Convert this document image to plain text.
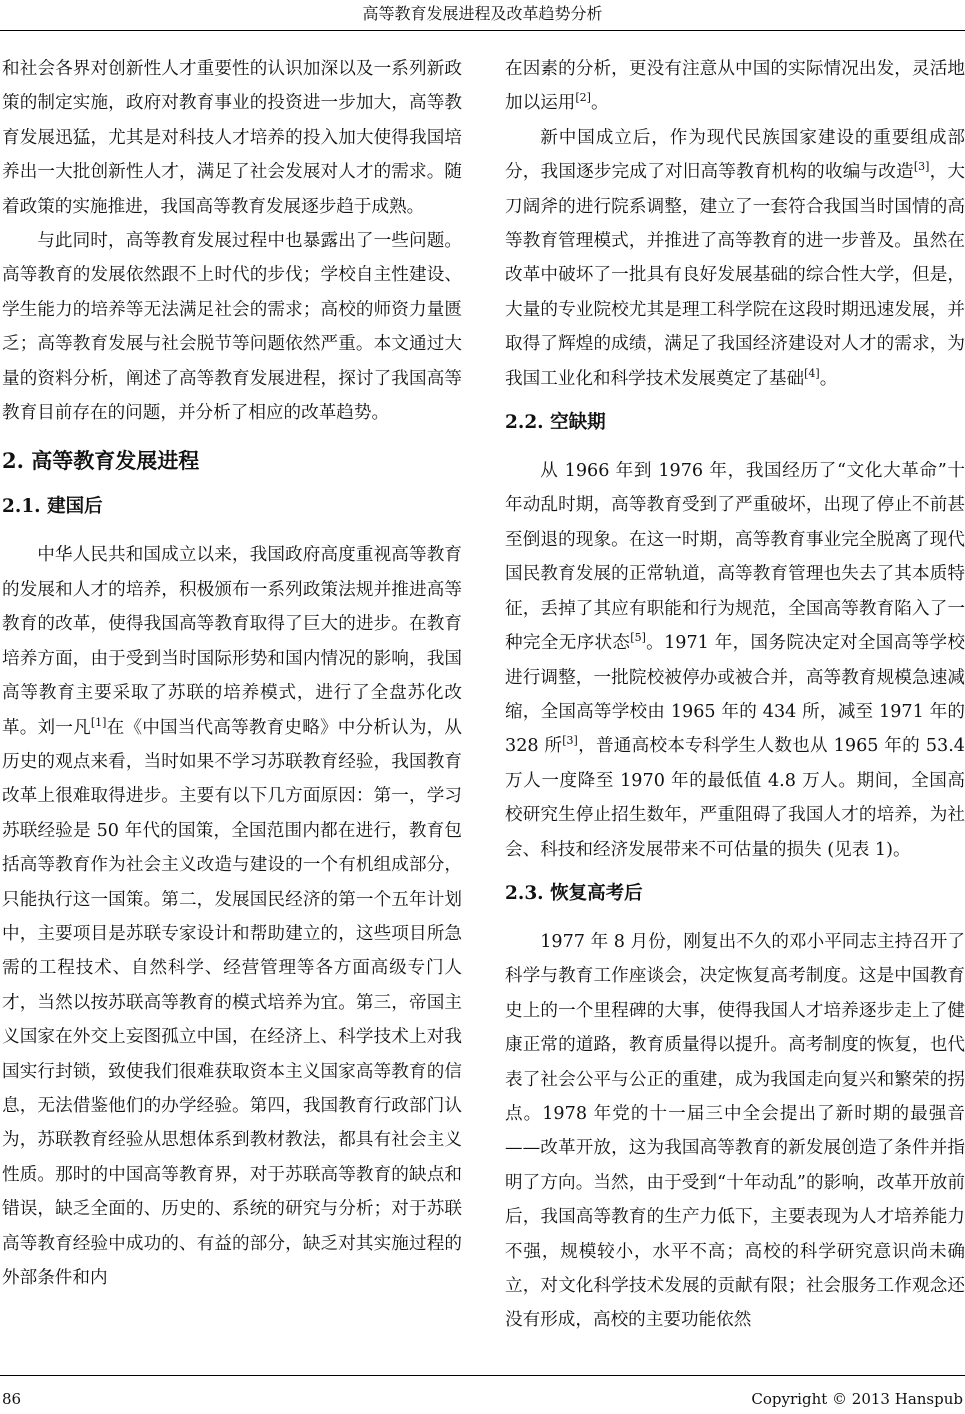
高等教育发展进程及改革趋势分析

和社会各界对创新性人才重要性的认识加深以及一系列新政策的制定实施，政府对教育事业的投资进一步加大，高等教育发展迅猛，尤其是对科技人才培养的投入加大使得我国培养出一大批创新性人才，满足了社会发展对人才的需求。随着政策的实施推进，我国高等教育发展逐步趋于成熟。

与此同时，高等教育发展过程中也暴露出了一些问题。高等教育的发展依然跟不上时代的步伐；学校自主性建设、学生能力的培养等无法满足社会的需求；高校的师资力量匮乏；高等教育发展与社会脱节等问题依然严重。本文通过大量的资料分析，阐述了高等教育发展进程，探讨了我国高等教育目前存在的问题，并分析了相应的改革趋势。

2. 高等教育发展进程
2.1. 建国后

中华人民共和国成立以来，我国政府高度重视高等教育的发展和人才的培养，积极颁布一系列政策法规并推进高等教育的改革，使得我国高等教育取得了巨大的进步。在教育培养方面，由于受到当时国际形势和国内情况的影响，我国高等教育主要采取了苏联的培养模式，进行了全盘苏化改革。刘一凡[1]在《中国当代高等教育史略》中分析认为，从历史的观点来看，当时如果不学习苏联教育经验，我国教育改革上很难取得进步。主要有以下几方面原因：第一，学习苏联经验是 50 年代的国策，全国范围内都在进行，教育包括高等教育作为社会主义改造与建设的一个有机组成部分，只能执行这一国策。第二，发展国民经济的第一个五年计划中，主要项目是苏联专家设计和帮助建立的，这些项目所急需的工程技术、自然科学、经营管理等各方面高级专门人才，当然以按苏联高等教育的模式培养为宜。第三，帝国主义国家在外交上妄图孤立中国，在经济上、科学技术上对我国实行封锁，致使我们很难获取资本主义国家高等教育的信息，无法借鉴他们的办学经验。第四，我国教育行政部门认为，苏联教育经验从思想体系到教材教法，都具有社会主义性质。那时的中国高等教育界，对于苏联高等教育的缺点和错误，缺乏全面的、历史的、系统的研究与分析；对于苏联高等教育经验中成功的、有益的部分，缺乏对其实施过程的外部条件和内

在因素的分析，更没有注意从中国的实际情况出发，灵活地加以运用[2]。

新中国成立后，作为现代民族国家建设的重要组成部分，我国逐步完成了对旧高等教育机构的收编与改造[3]，大刀阔斧的进行院系调整，建立了一套符合我国当时国情的高等教育管理模式，并推进了高等教育的进一步普及。虽然在改革中破坏了一批具有良好发展基础的综合性大学，但是，大量的专业院校尤其是理工科学院在这段时期迅速发展，并取得了辉煌的成绩，满足了我国经济建设对人才的需求，为我国工业化和科学技术发展奠定了基础[4]。

2.2. 空缺期

从 1966 年到 1976 年，我国经历了“文化大革命”十年动乱时期，高等教育受到了严重破坏，出现了停止不前甚至倒退的现象。在这一时期，高等教育事业完全脱离了现代国民教育发展的正常轨道，高等教育管理也失去了其本质特征，丢掉了其应有职能和行为规范，全国高等教育陷入了一种完全无序状态[5]。1971 年，国务院决定对全国高等学校进行调整，一批院校被停办或被合并，高等教育规模急速减缩，全国高等学校由 1965 年的 434 所，减至 1971 年的 328 所[3]，普通高校本专科学生人数也从 1965 年的 53.4 万人一度降至 1970 年的最低值 4.8 万人。期间，全国高校研究生停止招生数年，严重阻碍了我国人才的培养，为社会、科技和经济发展带来不可估量的损失 (见表 1)。

2.3. 恢复高考后

1977 年 8 月份，刚复出不久的邓小平同志主持召开了科学与教育工作座谈会，决定恢复高考制度。这是中国教育史上的一个里程碑的大事，使得我国人才培养逐步走上了健康正常的道路，教育质量得以提升。高考制度的恢复，也代表了社会公平与公正的重建，成为我国走向复兴和繁荣的拐点。1978 年党的十一届三中全会提出了新时期的最强音——改革开放，这为我国高等教育的新发展创造了条件并指明了方向。当然，由于受到“十年动乱”的影响，改革开放前后，我国高等教育的生产力低下，主要表现为人才培养能力不强，规模较小，水平不高；高校的科学研究意识尚未确立，对文化科学技术发展的贡献有限；社会服务工作观念还没有形成，高校的主要功能依然

86	Copyright © 2013 Hanspub
